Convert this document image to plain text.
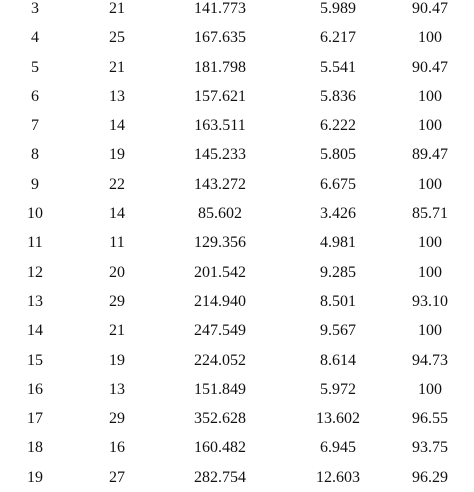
3	21	141.773	5.989	90.47
4	25	167.635	6.217	100
5	21	181.798	5.541	90.47
6	13	157.621	5.836	100
7	14	163.511	6.222	100
8	19	145.233	5.805	89.47
9	22	143.272	6.675	100
10	14	85.602	3.426	85.71
11	11	129.356	4.981	100
12	20	201.542	9.285	100
13	29	214.940	8.501	93.10
14	21	247.549	9.567	100
15	19	224.052	8.614	94.73
16	13	151.849	5.972	100
17	29	352.628	13.602	96.55
18	16	160.482	6.945	93.75
19	27	282.754	12.603	96.29
